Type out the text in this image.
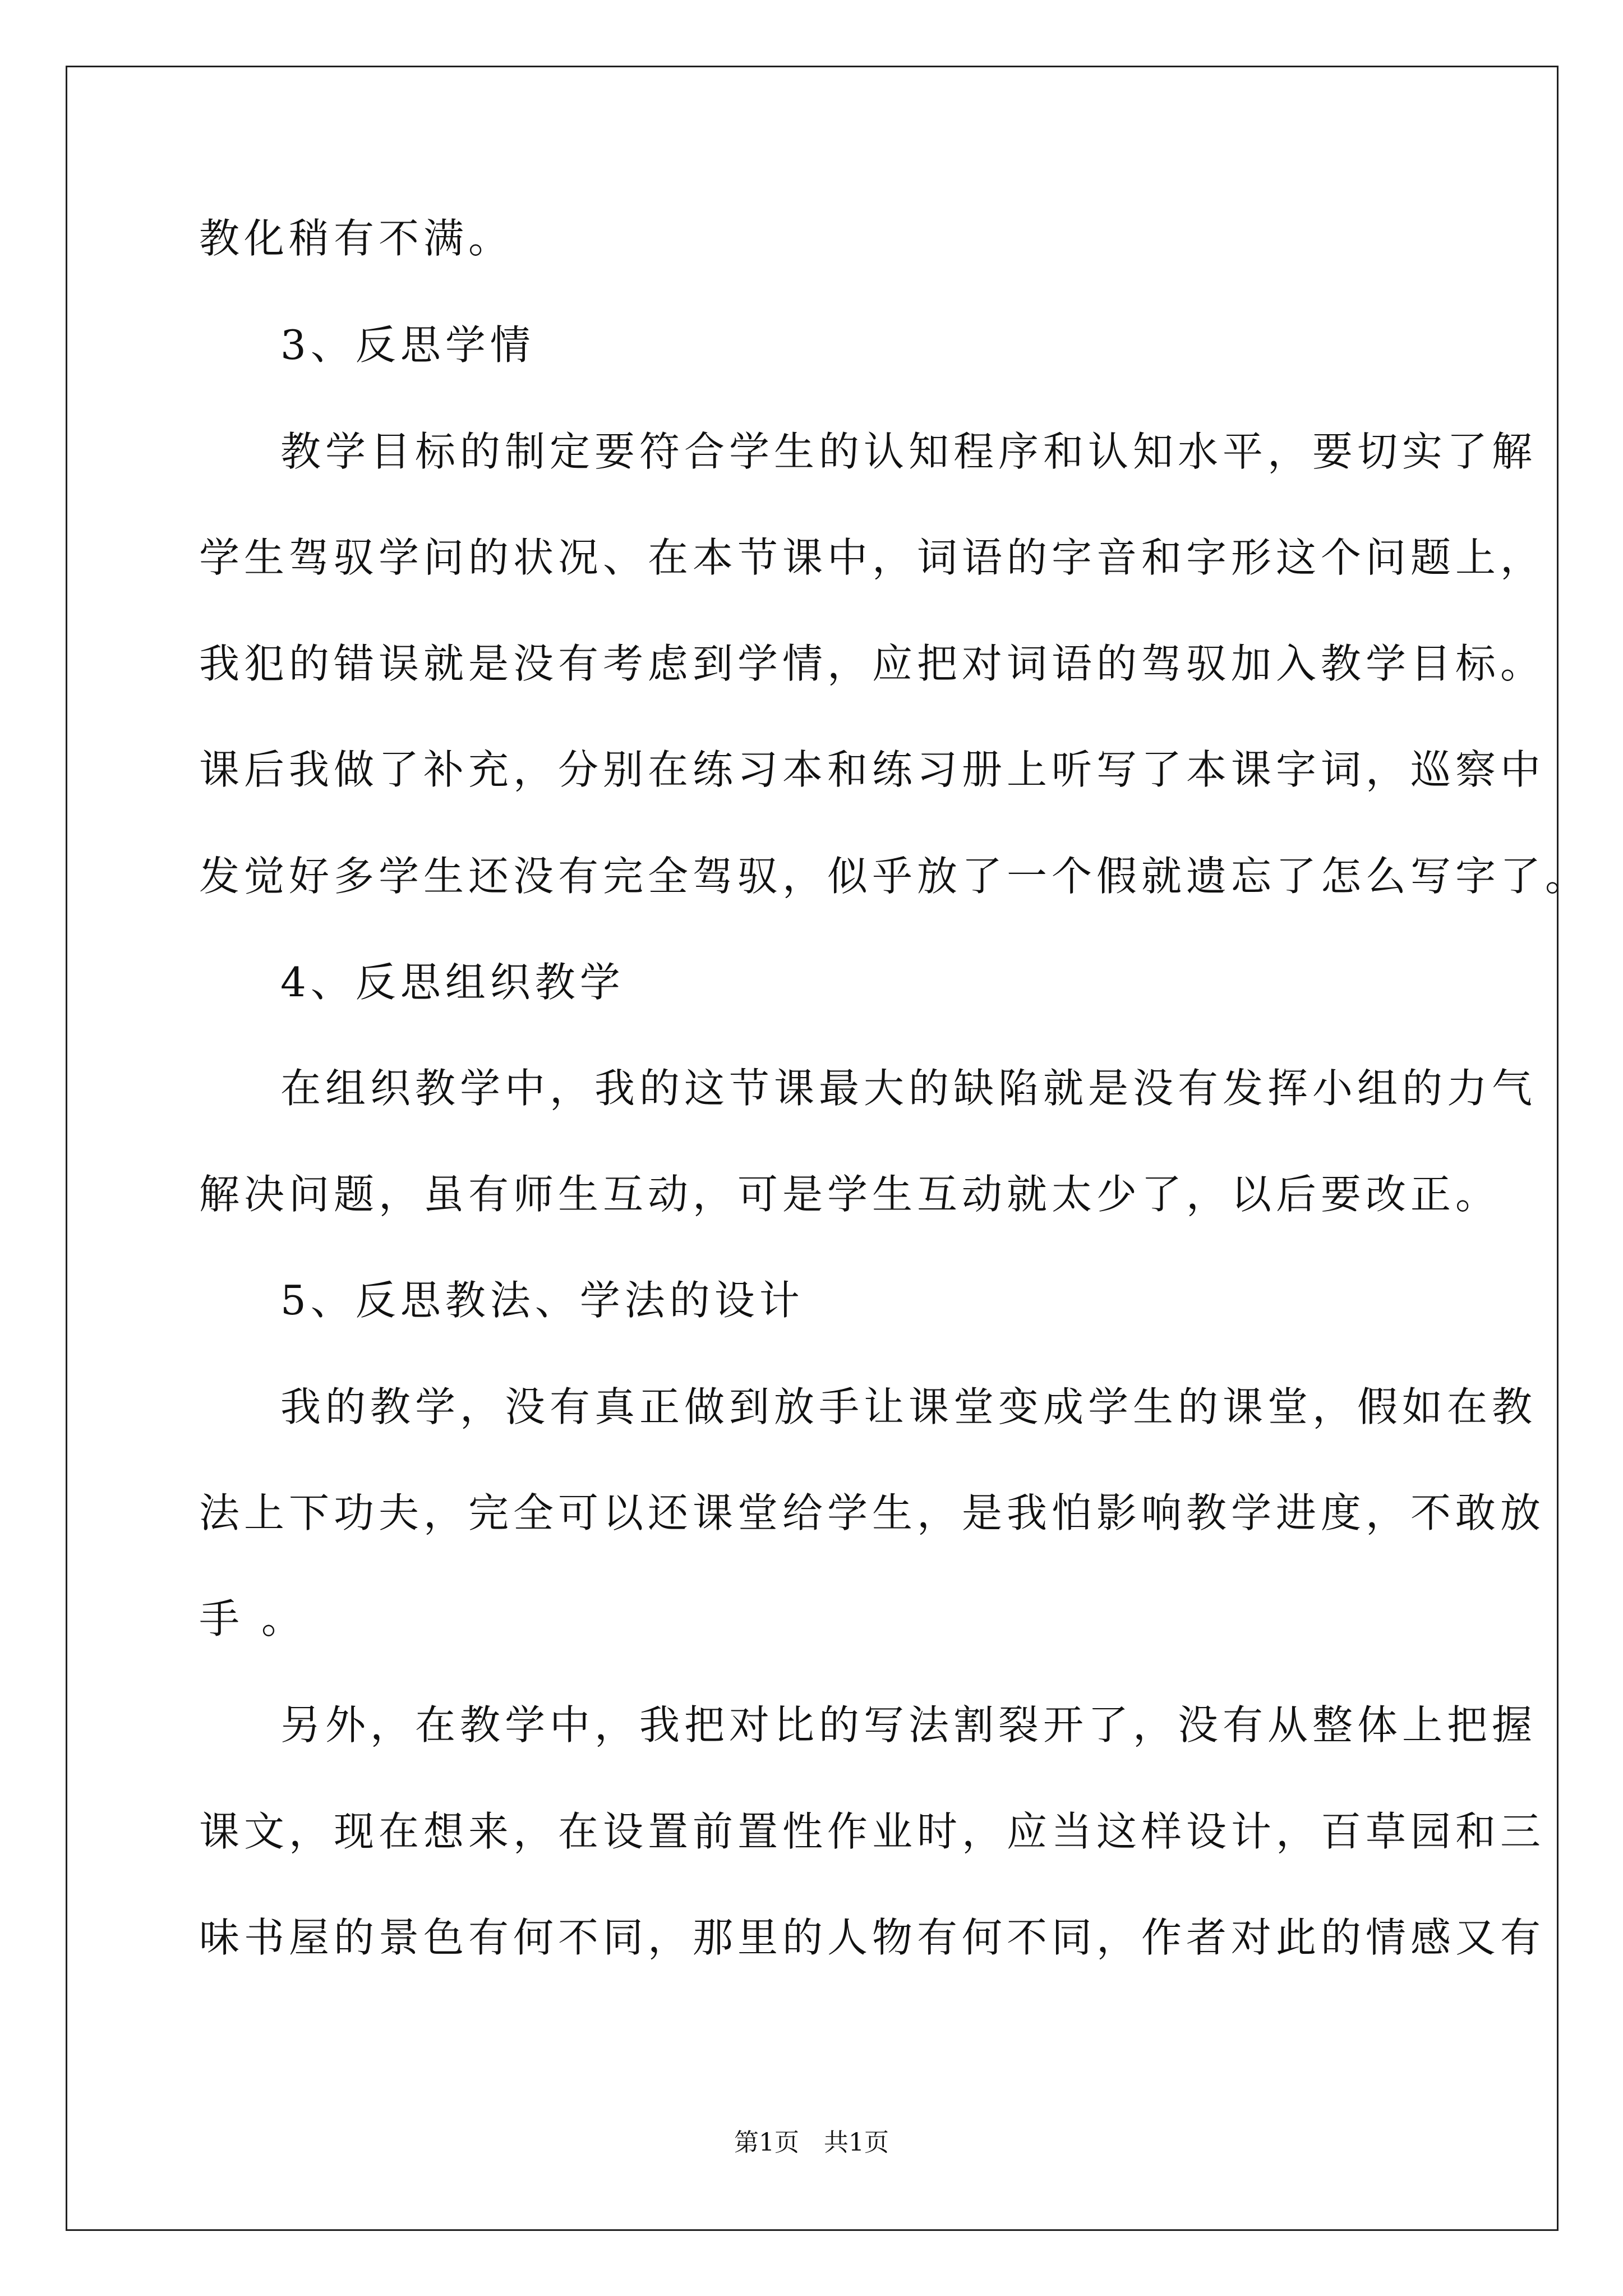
教化稍有不满。
3、反思学情
教学目标的制定要符合学生的认知程序和认知水平，要切实了解
学生驾驭学问的状况、在本节课中，词语的字音和字形这个问题上，
我犯的错误就是没有考虑到学情，应把对词语的驾驭加入教学目标。
课后我做了补充，分别在练习本和练习册上听写了本课字词，巡察中
发觉好多学生还没有完全驾驭，似乎放了一个假就遗忘了怎么写字了。
4、反思组织教学
在组织教学中，我的这节课最大的缺陷就是没有发挥小组的力气
解决问题，虽有师生互动，可是学生互动就太少了，以后要改正。
5、反思教法、学法的设计
我的教学，没有真正做到放手让课堂变成学生的课堂，假如在教
法上下功夫，完全可以还课堂给学生，是我怕影响教学进度，不敢放
手 。
另外，在教学中，我把对比的写法割裂开了，没有从整体上把握
课文，现在想来，在设置前置性作业时，应当这样设计，百草园和三
味书屋的景色有何不同，那里的人物有何不同，作者对此的情感又有
第1页　共1页
